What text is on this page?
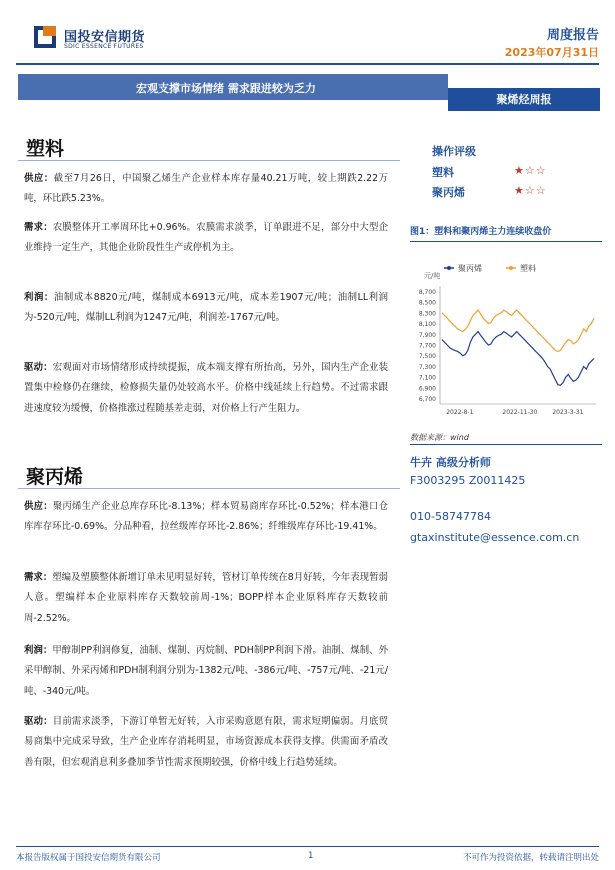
国投安信期货
SDIC ESSENCE FUTURES
周度报告
2023年07月31日
宏观支撑市场情绪 需求跟进较为乏力
聚烯烃周报
塑料
供应：截至7月26日，中国聚乙烯生产企业样本库存量40.21万吨，较上期跌2.22万吨，环比跌5.23%。
需求：农膜整体开工率周环比+0.96%。农膜需求淡季，订单跟进不足，部分中大型企业维持一定生产，其他企业阶段性生产或停机为主。
利润：油制成本8820元/吨，煤制成本6913元/吨，成本差1907元/吨；油制LL利润为-520元/吨，煤制LL利润为1247元/吨，利润差-1767元/吨。
驱动：宏观面对市场情绪形成持续提振，成本端支撑有所抬高，另外，国内生产企业装置集中检修仍在继续，检修损失量仍处较高水平。价格中线延续上行趋势。不过需求跟进速度较为缓慢，价格推涨过程随基差走弱，对价格上行产生阻力。
聚丙烯
供应：聚丙烯生产企业总库存环比-8.13%；样本贸易商库存环比-0.52%；样本港口仓库库存环比-0.69%。分品种看，拉丝级库存环比-2.86%；纤维级库存环比-19.41%。
需求：塑编及塑膜整体新增订单未见明显好转，管材订单传统在8月好转，今年表现暂弱人意。塑编样本企业原料库存天数较前周-1%；BOPP样本企业原料库存天数较前周-2.52%。
利润：甲醇制PP利润修复，油制、煤制、丙烷制、PDH制PP利润下滑。油制、煤制、外采甲醇制、外采丙烯和PDH制利润分别为-1382元/吨、-386元/吨、-757元/吨、-21元/吨、-340元/吨。
驱动：目前需求淡季，下游订单暂无好转，入市采购意愿有限，需求短期偏弱。月底贸易商集中完成采导致，生产企业库存消耗明显，市场资源成本获得支撑。供需面矛盾改善有限，但宏观消息利多叠加季节性需求预期较强，价格中线上行趋势延续。
操作评级
塑料	★☆☆
聚丙烯	★☆☆
图1：塑料和聚丙烯主力连续收盘价
聚丙烯	塑料
元/吨
8,700
8,500
8,300
8,100
7,900
7,700
7,500
7,300
7,100
6,900
6,700
2022-8-1	2022-11-30	2023-3-31
数据来源：wind
牛卉 高级分析师
F3003295 Z0011425
010-58747784
gtaxinstitute@essence.com.cn
本报告版权属于国投安信期货有限公司	1	不可作为投资依据，转载请注明出处
